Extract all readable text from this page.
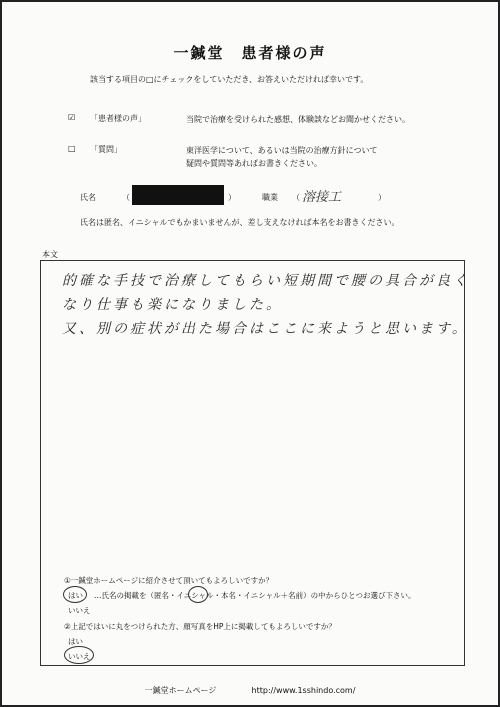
一鍼堂　患者様の声
該当する項目の□にチェックをしていただき、お答えいただければ幸いです。
☑	「患者様の声」	当院で治療を受けられた感想、体験談などお聞かせください。
□	「質問」	東洋医学について、あるいは当院の治療方針について
疑問や質問等あればお書きください。
氏名	（	）	職業 （ 溶接工	）
氏名は匿名、イニシャルでもかまいませんが、差し支えなければ本名をお書きください。
本文
的確な手技で治療してもらい短期間で腰の具合が良く
なり仕事も楽になりました。
又、別の症状が出た場合はここに来ようと思います。
①一鍼堂ホームページに紹介させて頂いてもよろしいですか？
はい …氏名の掲載を（匿名・イニシャル・本名・イニシャル＋名前）の中からひとつお選び下さい。
いいえ
②上記ではいに丸をつけられた方、顔写真をHP上に掲載してもよろしいですか？
はい
いいえ
一鍼堂ホームページ	http://www.1sshindo.com/
